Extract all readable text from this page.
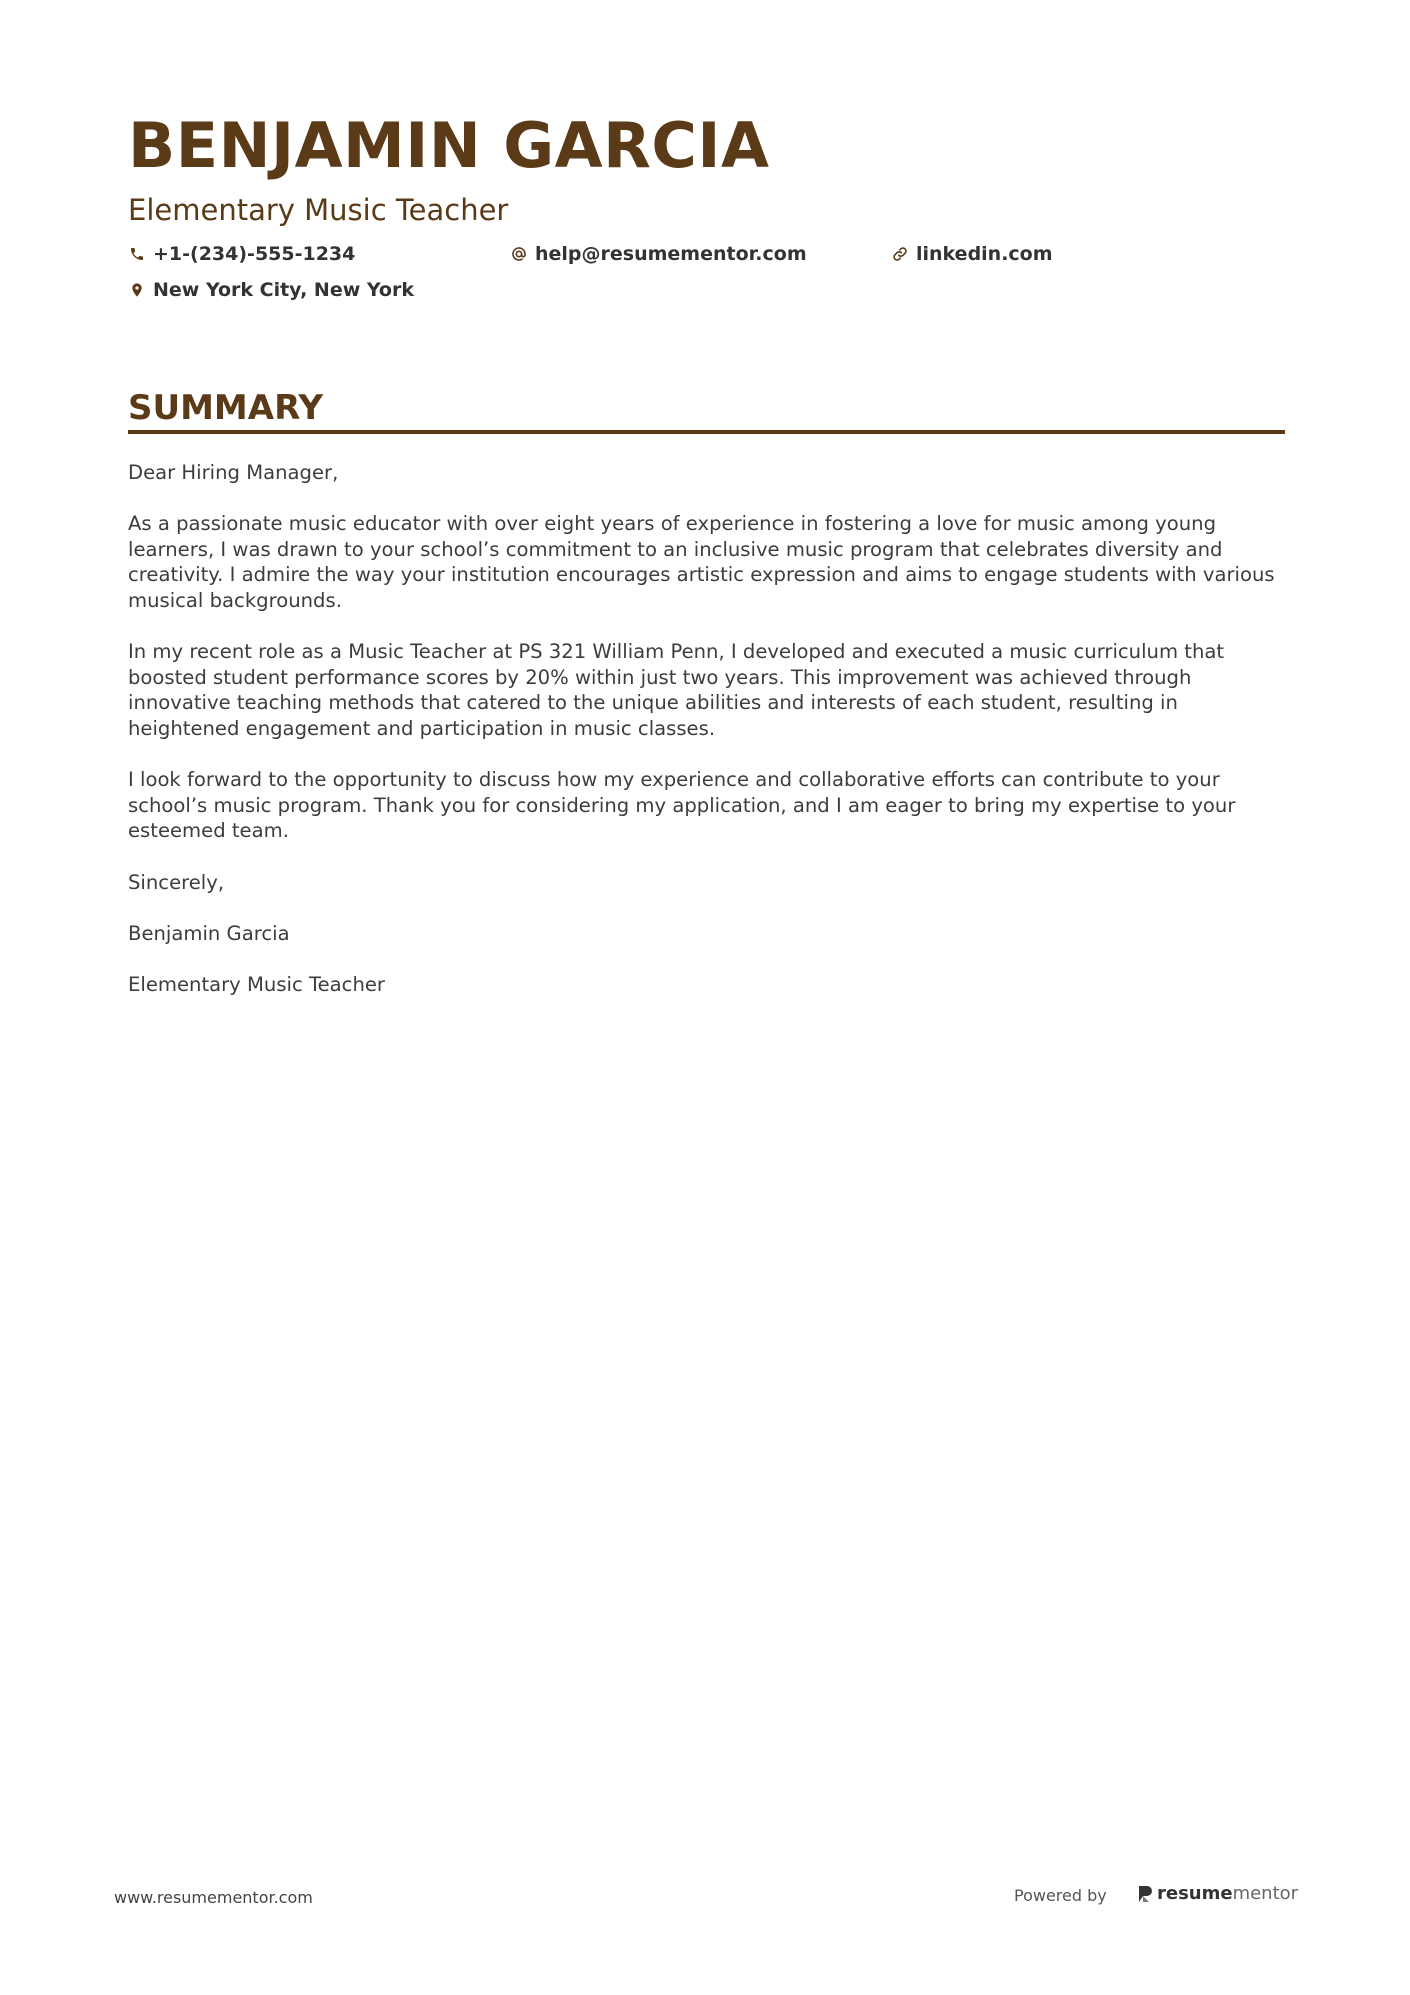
BENJAMIN GARCIA
Elementary Music Teacher
+1-(234)-555-1234	help@resumementor.com	linkedin.com
New York City, New York
SUMMARY

Dear Hiring Manager,

As a passionate music educator with over eight years of experience in fostering a love for music among young learners, I was drawn to your school’s commitment to an inclusive music program that celebrates diversity and creativity. I admire the way your institution encourages artistic expression and aims to engage students with various musical backgrounds.

In my recent role as a Music Teacher at PS 321 William Penn, I developed and executed a music curriculum that boosted student performance scores by 20% within just two years. This improvement was achieved through innovative teaching methods that catered to the unique abilities and interests of each student, resulting in heightened engagement and participation in music classes.

I look forward to the opportunity to discuss how my experience and collaborative efforts can contribute to your school’s music program. Thank you for considering my application, and I am eager to bring my expertise to your esteemed team.

Sincerely,

Benjamin Garcia

Elementary Music Teacher

www.resumementor.com	Powered by	resume mentor
